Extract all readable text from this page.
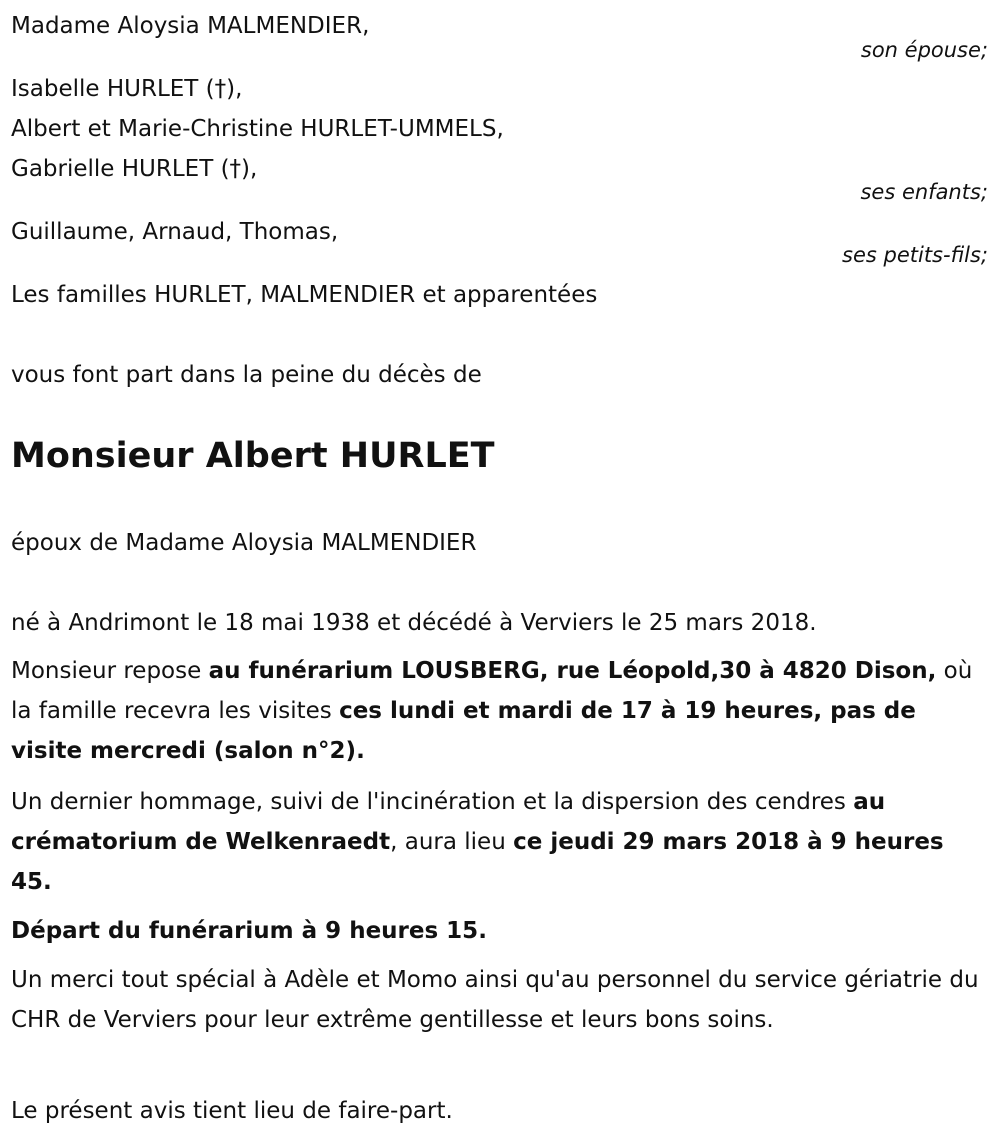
Madame Aloysia MALMENDIER,

son épouse;

Isabelle HURLET (†),

Albert et Marie-Christine HURLET-UMMELS,

Gabrielle HURLET (†),

ses enfants;

Guillaume, Arnaud, Thomas,

ses petits-fils;

Les familles HURLET, MALMENDIER et apparentées

vous font part dans la peine du décès de

Monsieur Albert HURLET

époux de Madame Aloysia MALMENDIER

né à Andrimont le 18 mai 1938 et décédé à Verviers le 25 mars 2018.

Monsieur repose au funérarium LOUSBERG, rue Léopold,30 à 4820 Dison, où la famille recevra les visites ces lundi et mardi de 17 à 19 heures, pas de visite mercredi (salon n°2).

Un dernier hommage, suivi de l'incinération et la dispersion des cendres au crématorium de Welkenraedt, aura lieu ce jeudi 29 mars 2018 à 9 heures 45.

Départ du funérarium à 9 heures 15.

Un merci tout spécial à Adèle et Momo ainsi qu'au personnel du service gériatrie du CHR de Verviers pour leur extrême gentillesse et leurs bons soins.

Le présent avis tient lieu de faire-part.
